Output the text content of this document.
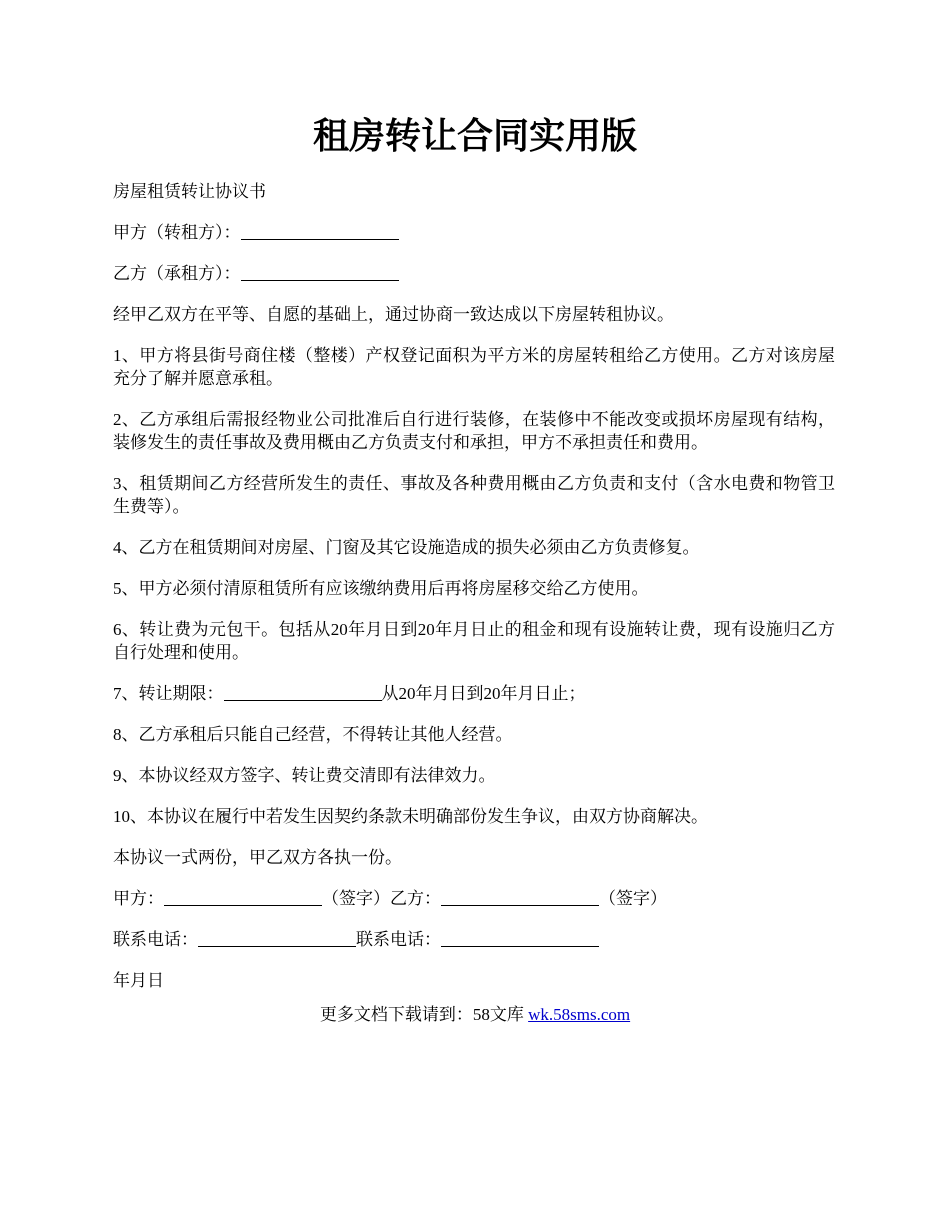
租房转让合同实用版

房屋租赁转让协议书

甲方（转租方）：

乙方（承租方）：

经甲乙双方在平等、自愿的基础上，通过协商一致达成以下房屋转租协议。

1、甲方将县街号商住楼（整楼）产权登记面积为平方米的房屋转租给乙方使用。乙方对该房屋充分了解并愿意承租。

2、乙方承组后需报经物业公司批准后自行进行装修，在装修中不能改变或损坏房屋现有结构，装修发生的责任事故及费用概由乙方负责支付和承担，甲方不承担责任和费用。

3、租赁期间乙方经营所发生的责任、事故及各种费用概由乙方负责和支付（含水电费和物管卫生费等）。

4、乙方在租赁期间对房屋、门窗及其它设施造成的损失必须由乙方负责修复。

5、甲方必须付清原租赁所有应该缴纳费用后再将房屋移交给乙方使用。

6、转让费为元包干。包括从20年月日到20年月日止的租金和现有设施转让费，现有设施归乙方自行处理和使用。

7、转让期限：	从20年月日到20年月日止；

8、乙方承租后只能自己经营，不得转让其他人经营。

9、本协议经双方签字、转让费交清即有法律效力。

10、本协议在履行中若发生因契约条款未明确部份发生争议，由双方协商解决。

本协议一式两份，甲乙双方各执一份。

甲方：	（签字）乙方：	（签字）

联系电话：	联系电话：

年月日

更多文档下载请到：58文库 wk.58sms.com
